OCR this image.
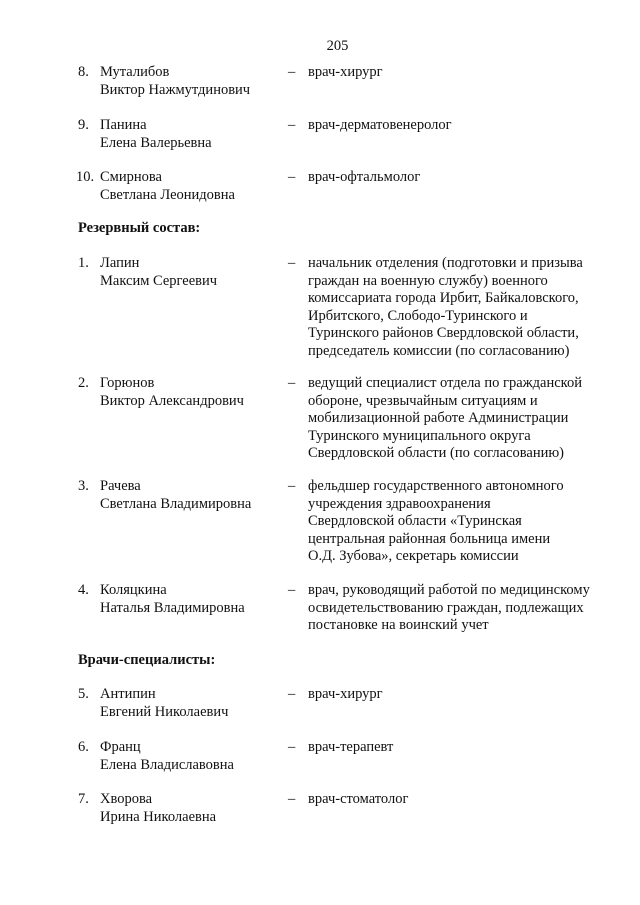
205
8. Муталибов
Виктор Нажмутдинович
– врач-хирург
9. Панина
Елена Валерьевна
– врач-дерматовенеролог
10. Смирнова
Светлана Леонидовна
– врач-офтальмолог
Резервный состав:
1. Лапин
Максим Сергеевич
– начальник отделения (подготовки и призыва
граждан на военную службу) военного
комиссариата города Ирбит, Байкаловского,
Ирбитского, Слободо-Туринского и
Туринского районов Свердловской области,
председатель комиссии (по согласованию)
2. Горюнов
Виктор Александрович
– ведущий специалист отдела по гражданской
обороне, чрезвычайным ситуациям и
мобилизационной работе Администрации
Туринского муниципального округа
Свердловской области (по согласованию)
3. Рачева
Светлана Владимировна
– фельдшер государственного автономного
учреждения здравоохранения
Свердловской области «Туринская
центральная районная больница имени
О.Д. Зубова», секретарь комиссии
4. Коляцкина
Наталья Владимировна
– врач, руководящий работой по медицинскому
освидетельствованию граждан, подлежащих
постановке на воинский учет
Врачи-специалисты:
5. Антипин
Евгений Николаевич
– врач-хирург
6. Франц
Елена Владиславовна
– врач-терапевт
7. Хворова
Ирина Николаевна
– врач-стоматолог
